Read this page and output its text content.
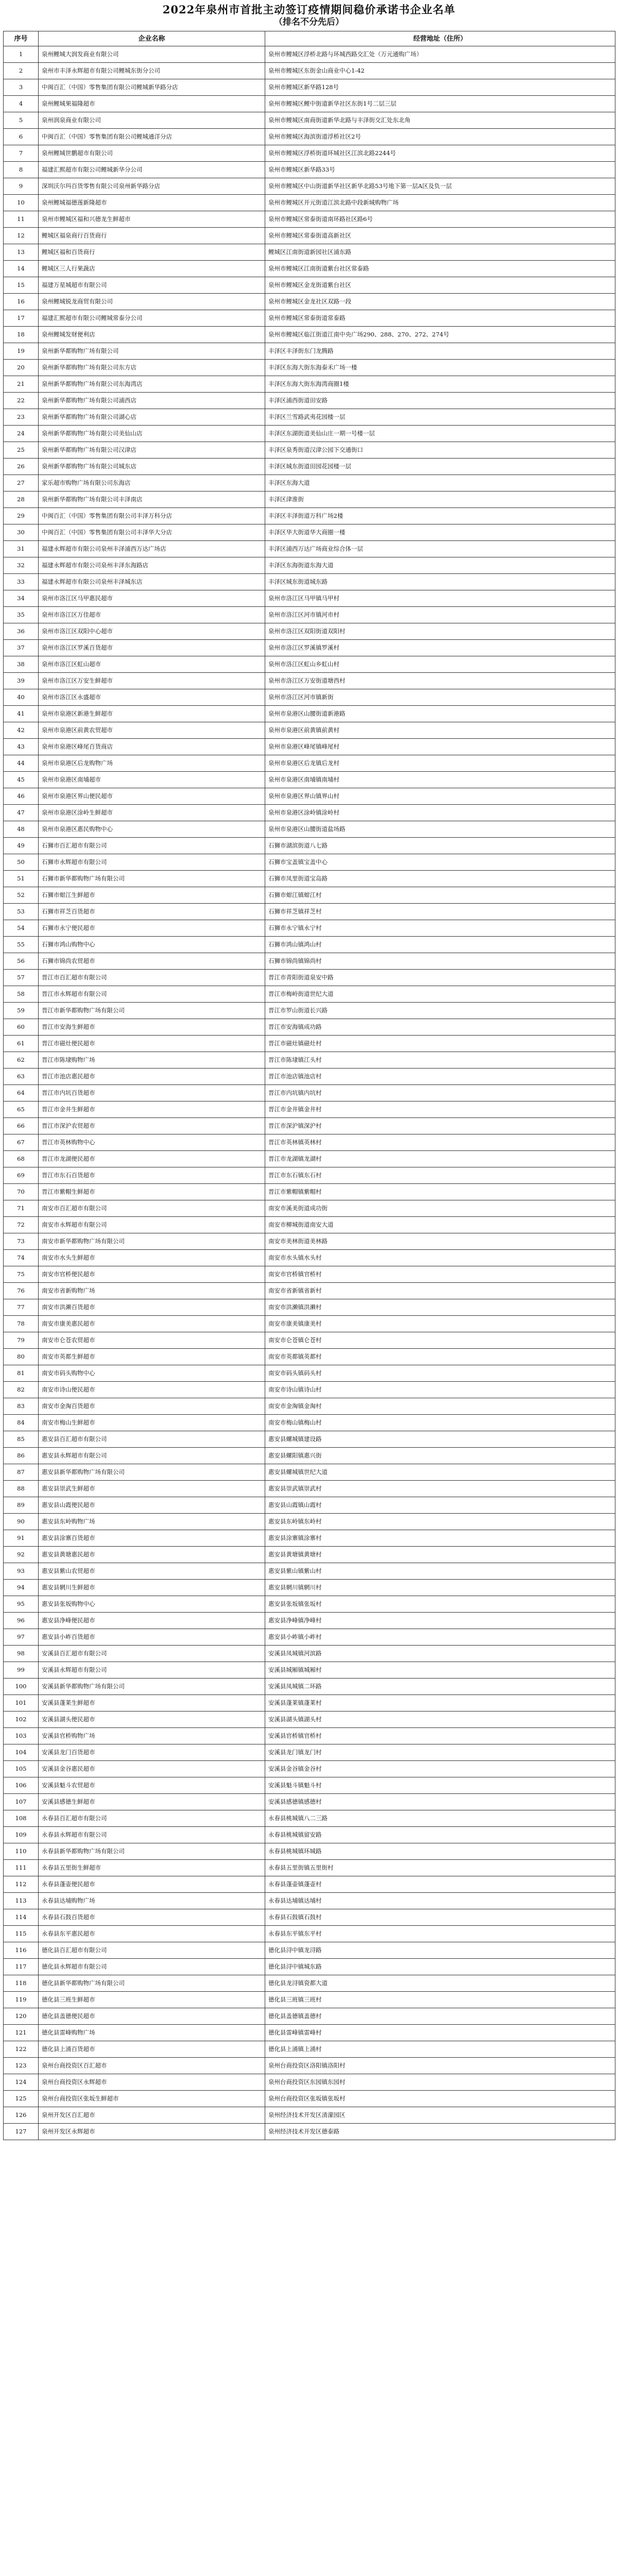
2022年泉州市首批主动签订疫情期间稳价承诺书企业名单
（排名不分先后）
序号	企业名称	经营地址（住所）
1	泉州鲤城大润发商业有限公司	泉州市鲤城区浮桥北路与环城西路交汇处（万元通购广场）
2	泉州市丰泽永辉超市有限公司鲤城东街分公司	泉州市鲤城区东街金山商业中心1-42
3	中闽百汇（中国）零售集团有限公司鲤城新华路分店	泉州市鲤城区新华路128号
4	泉州鲤城果福隆超市	泉州市鲤城区鲤中街道新华社区东街1号二层三层
5	泉州润泉商业有限公司	泉州市鲤城区南商街道新华北路与丰泽街交汇处东北角
6	中闽百汇（中国）零售集团有限公司鲤城通洋分店	泉州市鲤城区海滨街道浮桥社区2号
7	泉州鲤城世鹏超市有限公司	泉州市鲤城区浮桥街道环城社区江滨北路2244号
8	福建汇熙超市有限公司鲤城新华分公司	泉州市鲤城区新华路33号
9	深圳沃尔玛百货零售有限公司泉州新华路分店	泉州市鲤城区中山街道新华社区新华北路53号地下第一层A区及负一层
10	泉州鲤城福德莲新隆超市	泉州市鲤城区开元街道江滨北路中段新城购物广场
11	泉州市鲤城区福和兴德龙生鲜超市	泉州市鲤城区常泰街道南环路社区路6号
12	鲤城区福泉商行百货商行	泉州市鲤城区常泰街道高新社区
13	鲤城区福和百货商行	鲤城区江南街道新园社区浦东路
14	鲤城区三人行果蔬店	泉州市鲤城区江南街道紫台社区常泰路
15	福建万星城超市有限公司	泉州市鲤城区金龙街道紫台社区
16	泉州鲤城锐龙商贸有限公司	泉州市鲤城区金龙社区双路一段
17	福建汇熙超市有限公司鲤城常泰分公司	泉州市鲤城区常泰街道常泰路
18	泉州鲤城发财便利店	泉州市鲤城区临江街道江南中央广场290、288、270、272、274号
19	泉州新华都购物广场有限公司	丰泽区丰泽街东门龙腾路
20	泉州新华都购物广场有限公司东方店	丰泽区东海大街东海泰禾广场一楼
21	泉州新华都购物广场有限公司东海湾店	丰泽区东海大街东海湾商圈1楼
22	泉州新华都购物广场有限公司浦西店	丰泽区浦西街道田安路
23	泉州新华都购物广场有限公司湖心店	丰泽区兰雪路武夷花园楼一层
24	泉州新华都购物广场有限公司美仙山店	丰泽区东湖街道美仙山庄一期一号楼一层
25	泉州新华都购物广场有限公司汉津店	丰泽区泉秀街道汉津公园下交通街口
26	泉州新华都购物广场有限公司城东店	丰泽区城东街道田园花园楼一层
27	家乐超市购物广场有限公司东海店	丰泽区东海大道
28	泉州新华都购物广场有限公司丰泽南店	丰泽区津淮街
29	中闽百汇（中国）零售集团有限公司丰泽万科分店	丰泽区丰泽街道万科广场2楼
30	中闽百汇（中国）零售集团有限公司丰泽华大分店	丰泽区华大街道华大商圈一楼
31	福建永辉超市有限公司泉州丰泽浦西万达广场店	丰泽区浦西万达广场商业综合体一层
32	福建永辉超市有限公司泉州丰泽东海路店	丰泽区东海街道东海大道
33	福建永辉超市有限公司泉州丰泽城东店	丰泽区城东街道城东路
34	泉州市洛江区马甲惠民超市	泉州市洛江区马甲镇马甲村
35	泉州市洛江区万佳超市	泉州市洛江区河市镇河市村
36	泉州市洛江区双阳中心超市	泉州市洛江区双阳街道双阳村
37	泉州市洛江区罗溪百货超市	泉州市洛江区罗溪镇罗溪村
38	泉州市洛江区虹山超市	泉州市洛江区虹山乡虹山村
39	泉州市洛江区万安生鲜超市	泉州市洛江区万安街道塘西村
40	泉州市洛江区永盛超市	泉州市洛江区河市镇新街
41	泉州市泉港区新港生鲜超市	泉州市泉港区山腰街道新港路
42	泉州市泉港区前黄农贸超市	泉州市泉港区前黄镇前黄村
43	泉州市泉港区峰尾百货商店	泉州市泉港区峰尾镇峰尾村
44	泉州市泉港区后龙购物广场	泉州市泉港区后龙镇后龙村
45	泉州市泉港区南埔超市	泉州市泉港区南埔镇南埔村
46	泉州市泉港区界山便民超市	泉州市泉港区界山镇界山村
47	泉州市泉港区涂岭生鲜超市	泉州市泉港区涂岭镇涂岭村
48	泉州市泉港区惠民购物中心	泉州市泉港区山腰街道盐场路
49	石狮市百汇超市有限公司	石狮市湖滨街道八七路
50	石狮市永辉超市有限公司	石狮市宝盖镇宝盖中心
51	石狮市新华都购物广场有限公司	石狮市凤里街道宝岛路
52	石狮市蚶江生鲜超市	石狮市蚶江镇蚶江村
53	石狮市祥芝百货超市	石狮市祥芝镇祥芝村
54	石狮市永宁便民超市	石狮市永宁镇永宁村
55	石狮市鸿山购物中心	石狮市鸿山镇鸿山村
56	石狮市锦尚农贸超市	石狮市锦尚镇锦尚村
57	晋江市百汇超市有限公司	晋江市青阳街道泉安中路
58	晋江市永辉超市有限公司	晋江市梅岭街道世纪大道
59	晋江市新华都购物广场有限公司	晋江市罗山街道长兴路
60	晋江市安海生鲜超市	晋江市安海镇成功路
61	晋江市磁灶便民超市	晋江市磁灶镇磁灶村
62	晋江市陈埭购物广场	晋江市陈埭镇江头村
63	晋江市池店惠民超市	晋江市池店镇池店村
64	晋江市内坑百货超市	晋江市内坑镇内坑村
65	晋江市金井生鲜超市	晋江市金井镇金井村
66	晋江市深沪农贸超市	晋江市深沪镇深沪村
67	晋江市英林购物中心	晋江市英林镇英林村
68	晋江市龙湖便民超市	晋江市龙湖镇龙湖村
69	晋江市东石百货超市	晋江市东石镇东石村
70	晋江市紫帽生鲜超市	晋江市紫帽镇紫帽村
71	南安市百汇超市有限公司	南安市溪美街道成功街
72	南安市永辉超市有限公司	南安市柳城街道南安大道
73	南安市新华都购物广场有限公司	南安市美林街道美林路
74	南安市水头生鲜超市	南安市水头镇水头村
75	南安市官桥便民超市	南安市官桥镇官桥村
76	南安市省新购物广场	南安市省新镇省新村
77	南安市洪濑百货超市	南安市洪濑镇洪濑村
78	南安市康美惠民超市	南安市康美镇康美村
79	南安市仑苍农贸超市	南安市仑苍镇仑苍村
80	南安市英都生鲜超市	南安市英都镇英都村
81	南安市码头购物中心	南安市码头镇码头村
82	南安市诗山便民超市	南安市诗山镇诗山村
83	南安市金淘百货超市	南安市金淘镇金淘村
84	南安市梅山生鲜超市	南安市梅山镇梅山村
85	惠安县百汇超市有限公司	惠安县螺城镇建设路
86	惠安县永辉超市有限公司	惠安县螺阳镇惠兴街
87	惠安县新华都购物广场有限公司	惠安县螺城镇世纪大道
88	惠安县崇武生鲜超市	惠安县崇武镇崇武村
89	惠安县山霞便民超市	惠安县山霞镇山霞村
90	惠安县东岭购物广场	惠安县东岭镇东岭村
91	惠安县涂寨百货超市	惠安县涂寨镇涂寨村
92	惠安县黄塘惠民超市	惠安县黄塘镇黄塘村
93	惠安县紫山农贸超市	惠安县紫山镇紫山村
94	惠安县辋川生鲜超市	惠安县辋川镇辋川村
95	惠安县张坂购物中心	惠安县张坂镇张坂村
96	惠安县净峰便民超市	惠安县净峰镇净峰村
97	惠安县小岞百货超市	惠安县小岞镇小岞村
98	安溪县百汇超市有限公司	安溪县凤城镇河滨路
99	安溪县永辉超市有限公司	安溪县城厢镇城厢村
100	安溪县新华都购物广场有限公司	安溪县凤城镇二环路
101	安溪县蓬莱生鲜超市	安溪县蓬莱镇蓬莱村
102	安溪县湖头便民超市	安溪县湖头镇湖头村
103	安溪县官桥购物广场	安溪县官桥镇官桥村
104	安溪县龙门百货超市	安溪县龙门镇龙门村
105	安溪县金谷惠民超市	安溪县金谷镇金谷村
106	安溪县魁斗农贸超市	安溪县魁斗镇魁斗村
107	安溪县感德生鲜超市	安溪县感德镇感德村
108	永春县百汇超市有限公司	永春县桃城镇八二三路
109	永春县永辉超市有限公司	永春县桃城镇留安路
110	永春县新华都购物广场有限公司	永春县桃城镇环城路
111	永春县五里街生鲜超市	永春县五里街镇五里街村
112	永春县蓬壶便民超市	永春县蓬壶镇蓬壶村
113	永春县达埔购物广场	永春县达埔镇达埔村
114	永春县石鼓百货超市	永春县石鼓镇石鼓村
115	永春县东平惠民超市	永春县东平镇东平村
116	德化县百汇超市有限公司	德化县浔中镇龙浔路
117	德化县永辉超市有限公司	德化县浔中镇城东路
118	德化县新华都购物广场有限公司	德化县龙浔镇瓷都大道
119	德化县三班生鲜超市	德化县三班镇三班村
120	德化县盖德便民超市	德化县盖德镇盖德村
121	德化县雷峰购物广场	德化县雷峰镇雷峰村
122	德化县上涌百货超市	德化县上涌镇上涌村
123	泉州台商投资区百汇超市	泉州台商投资区洛阳镇洛阳村
124	泉州台商投资区永辉超市	泉州台商投资区东园镇东园村
125	泉州台商投资区张坂生鲜超市	泉州台商投资区张坂镇张坂村
126	泉州开发区百汇超市	泉州经济技术开发区清濛园区
127	泉州开发区永辉超市	泉州经济技术开发区德泰路
